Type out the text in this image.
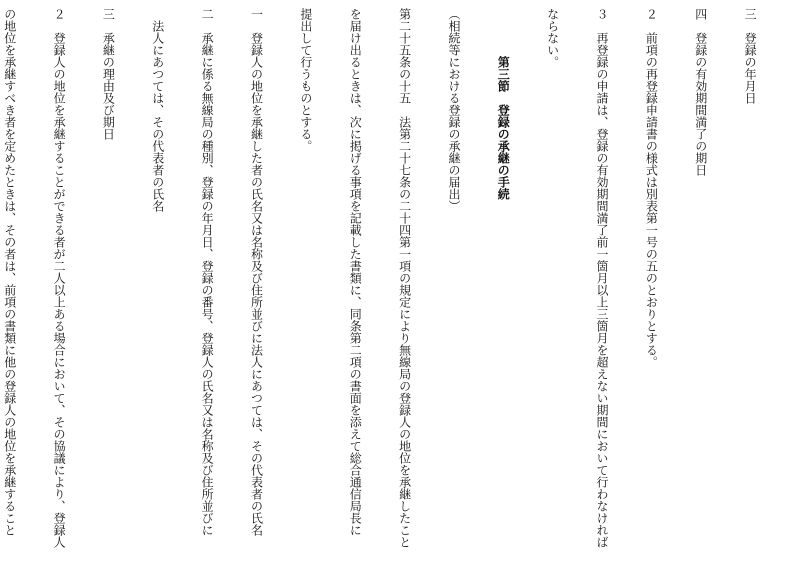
三　登録の年月日

四　登録の有効期間満了の期日

２　前項の再登録申請書の様式は別表第一号の五のとおりとする。

３　再登録の申請は、登録の有効期間満了前一箇月以上三箇月を超えない期間において行わなければ

ならない。

　　　　第三節　登録の承継の手続

（相続等における登録の承継の届出）

第二十五条の十五　法第二十七条の二十四第一項の規定により無線局の登録人の地位を承継したこと

を届け出るときは、次に掲げる事項を記載した書類に、同条第二項の書面を添えて総合通信局長に

提出して行うものとする。

一　登録人の地位を承継した者の氏名又は名称及び住所並びに法人にあつては、その代表者の氏名

二　承継に係る無線局の種別、登録の年月日、登録の番号、登録人の氏名又は名称及び住所並びに

　法人にあつては、その代表者の氏名

三　承継の理由及び期日

２　登録人の地位を承継することができる者が二人以上ある場合において、その協議により、登録人

の地位を承継すべき者を定めたときは、その者は、前項の書類に他の登録人の地位を承継すること
